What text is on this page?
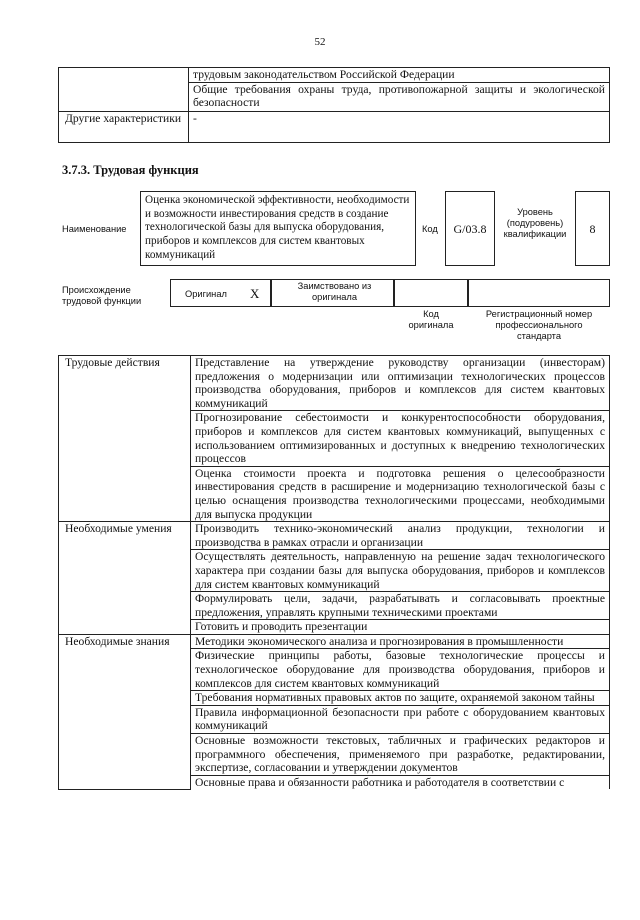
52
	трудовым законодательством Российской Федерации
	Общие требования охраны труда, противопожарной защиты и экологической безопасности
Другие характеристики	-
3.7.3. Трудовая функция
Наименование
Оценка экономической эффективности, необходимости и возможности инвестирования средств в создание технологической базы для выпуска оборудования, приборов и комплексов для систем квантовых коммуникаций
Код	G/03.8
Уровень (подуровень) квалификации	8
Происхождение трудовой функции
Оригинал X	Заимствовано из оригинала
Код оригинала
Регистрационный номер профессионального стандарта
Трудовые действия	Представление на утверждение руководству организации (инвесторам) предложения о модернизации или оптимизации технологических процессов производства оборудования, приборов и комплексов для систем квантовых коммуникаций
	Прогнозирование себестоимости и конкурентоспособности оборудования, приборов и комплексов для систем квантовых коммуникаций, выпущенных с использованием оптимизированных и доступных к внедрению технологических процессов
	Оценка стоимости проекта и подготовка решения о целесообразности инвестирования средств в расширение и модернизацию технологической базы с целью оснащения производства технологическими процессами, необходимыми для выпуска продукции
Необходимые умения	Производить технико-экономический анализ продукции, технологии и производства в рамках отрасли и организации
	Осуществлять деятельность, направленную на решение задач технологического характера при создании базы для выпуска оборудования, приборов и комплексов для систем квантовых коммуникаций
	Формулировать цели, задачи, разрабатывать и согласовывать проектные предложения, управлять крупными техническими проектами
	Готовить и проводить презентации
Необходимые знания	Методики экономического анализа и прогнозирования в промышленности
	Физические принципы работы, базовые технологические процессы и технологическое оборудование для производства оборудования, приборов и комплексов для систем квантовых коммуникаций
	Требования нормативных правовых актов по защите, охраняемой законом тайны
	Правила информационной безопасности при работе с оборудованием квантовых коммуникаций
	Основные возможности текстовых, табличных и графических редакторов и программного обеспечения, применяемого при разработке, редактировании, экспертизе, согласовании и утверждении документов
	Основные права и обязанности работника и работодателя в соответствии с
